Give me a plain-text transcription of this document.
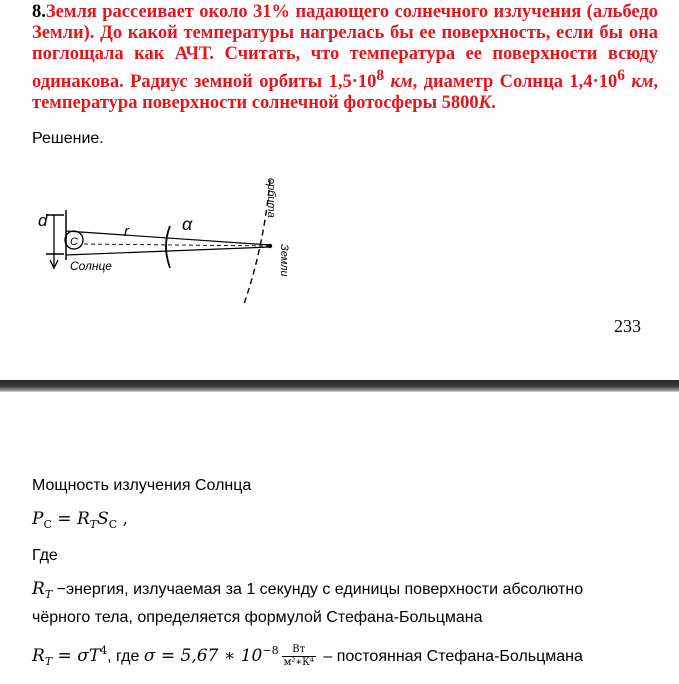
8.Земля рассеивает около 31% падающего солнечного излучения (альбедо Земли). До какой температуры нагрелась бы ее поверхность, если бы она поглощала как АЧТ. Считать, что температура ее поверхности всюду одинакова. Радиус земной орбиты $1,5\cdot 10^8$ км, диаметр Солнца $1,4\cdot 10^6$ км, температура поверхности солнечной фотосферы 5800К.

Решение.
d
С
Солнце
r	α
орбита
Земли
233
Мощность излучения Солнца
$P_С = R_TS_С$ ,
Где
$R_T$ −энергия, излучаемая за 1 секунду с единицы поверхности абсолютно
чёрного тела, определяется формулой Стефана-Больцмана
$R_T = \sigma T^4$, где σ = 5,67 ∗ $10^{-8} \frac{Вт}{\text{м²∗К⁴}}$ – постоянная Стефана-Больцмана
